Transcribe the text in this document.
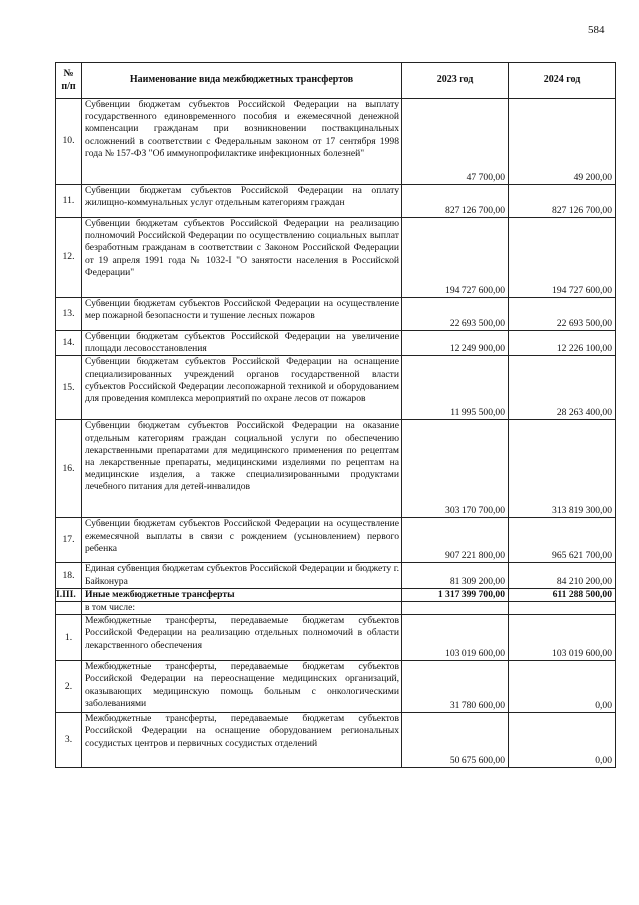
584
№
п/п	Наименование вида межбюджетных трансфертов	2023 год	2024 год
10.	Субвенции бюджетам субъектов Российской Федерации на выплату государственного единовременного пособия и ежемесячной денежной компенсации гражданам при возникновении поствакцинальных осложнений в соответствии с Федеральным законом от 17 сентября 1998 года № 157-ФЗ "Об иммунопрофилактике инфекционных болезней"	47 700,00	49 200,00
11.	Субвенции бюджетам субъектов Российской Федерации на оплату жилищно-коммунальных услуг отдельным категориям граждан	827 126 700,00	827 126 700,00
12.	Субвенции бюджетам субъектов Российской Федерации на реализацию полномочий Российской Федерации по осуществлению социальных выплат безработным гражданам в соответствии с Законом Российской Федерации от 19 апреля 1991 года № 1032-I "О занятости населения в Российской Федерации"	194 727 600,00	194 727 600,00
13.	Субвенции бюджетам субъектов Российской Федерации на осуществление мер пожарной безопасности и тушение лесных пожаров	22 693 500,00	22 693 500,00
14.	Субвенции бюджетам субъектов Российской Федерации на увеличение площади лесовосстановления	12 249 900,00	12 226 100,00
15.	Субвенции бюджетам субъектов Российской Федерации на оснащение специализированных учреждений органов государственной власти субъектов Российской Федерации лесопожарной техникой и оборудованием для проведения комплекса мероприятий по охране лесов от пожаров	11 995 500,00	28 263 400,00
16.	Субвенции бюджетам субъектов Российской Федерации на оказание отдельным категориям граждан социальной услуги по обеспечению лекарственными препаратами для медицинского применения по рецептам на лекарственные препараты, медицинскими изделиями по рецептам на медицинские изделия, а также специализированными продуктами лечебного питания для детей-инвалидов	303 170 700,00	313 819 300,00
17.	Субвенции бюджетам субъектов Российской Федерации на осуществление ежемесячной выплаты в связи с рождением (усыновлением) первого ребенка	907 221 800,00	965 621 700,00
18.	Единая субвенция бюджетам субъектов Российской Федерации и бюджету г. Байконура	81 309 200,00	84 210 200,00
I.III.	Иные межбюджетные трансферты	1 317 399 700,00	611 288 500,00
	в том числе:		
1.	Межбюджетные трансферты, передаваемые бюджетам субъектов Российской Федерации на реализацию отдельных полномочий в области лекарственного обеспечения	103 019 600,00	103 019 600,00
2.	Межбюджетные трансферты, передаваемые бюджетам субъектов Российской Федерации на переоснащение медицинских организаций, оказывающих медицинскую помощь больным с онкологическими заболеваниями	31 780 600,00	0,00
3.	Межбюджетные трансферты, передаваемые бюджетам субъектов Российской Федерации на оснащение оборудованием региональных сосудистых центров и первичных сосудистых отделений	50 675 600,00	0,00
